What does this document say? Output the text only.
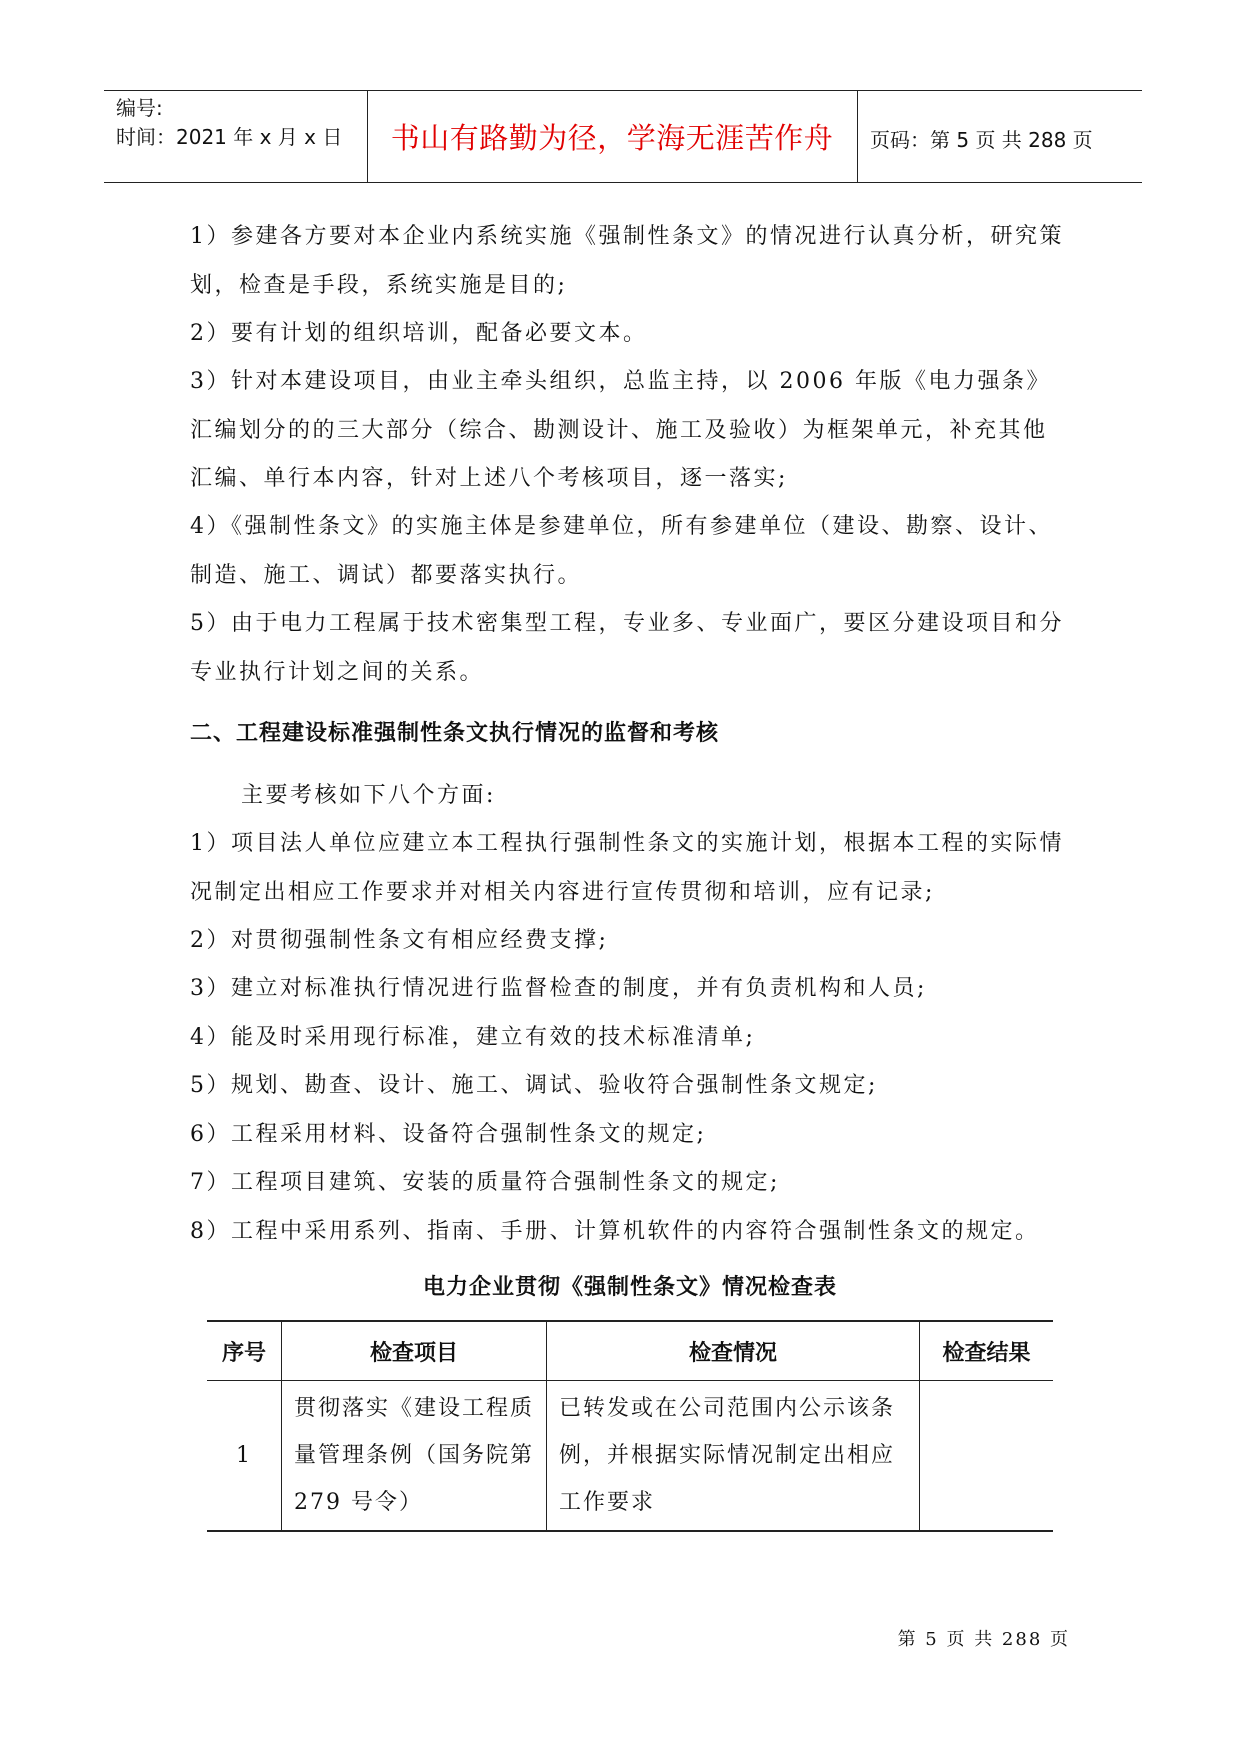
编号:
时间：2021 年 x 月 x 日	书山有路勤为径，学海无涯苦作舟	页码：第 5 页 共 288 页
1）参建各方要对本企业内系统实施《强制性条文》的情况进行认真分析，研究策划，检查是手段，系统实施是目的;
2）要有计划的组织培训，配备必要文本。
3）针对本建设项目，由业主牵头组织，总监主持，以 2006 年版《电力强条》汇编划分的的三大部分（综合、勘测设计、施工及验收）为框架单元，补充其他汇编、单行本内容，针对上述八个考核项目，逐一落实;
4）《强制性条文》的实施主体是参建单位，所有参建单位（建设、勘察、设计、制造、施工、调试）都要落实执行。
5）由于电力工程属于技术密集型工程，专业多、专业面广，要区分建设项目和分专业执行计划之间的关系。
二、工程建设标准强制性条文执行情况的监督和考核
主要考核如下八个方面:
1）项目法人单位应建立本工程执行强制性条文的实施计划，根据本工程的实际情况制定出相应工作要求并对相关内容进行宣传贯彻和培训，应有记录;
2）对贯彻强制性条文有相应经费支撑;
3）建立对标准执行情况进行监督检查的制度，并有负责机构和人员;
4）能及时采用现行标准，建立有效的技术标准清单;
5）规划、勘查、设计、施工、调试、验收符合强制性条文规定;
6）工程采用材料、设备符合强制性条文的规定;
7）工程项目建筑、安装的质量符合强制性条文的规定;
8）工程中采用系列、指南、手册、计算机软件的内容符合强制性条文的规定。
电力企业贯彻《强制性条文》情况检查表
序号	检查项目	检查情况	检查结果
1	贯彻落实《建设工程质量管理条例（国务院第 279 号令）	已转发或在公司范围内公示该条例，并根据实际情况制定出相应工作要求	
第 5 页 共 288 页
